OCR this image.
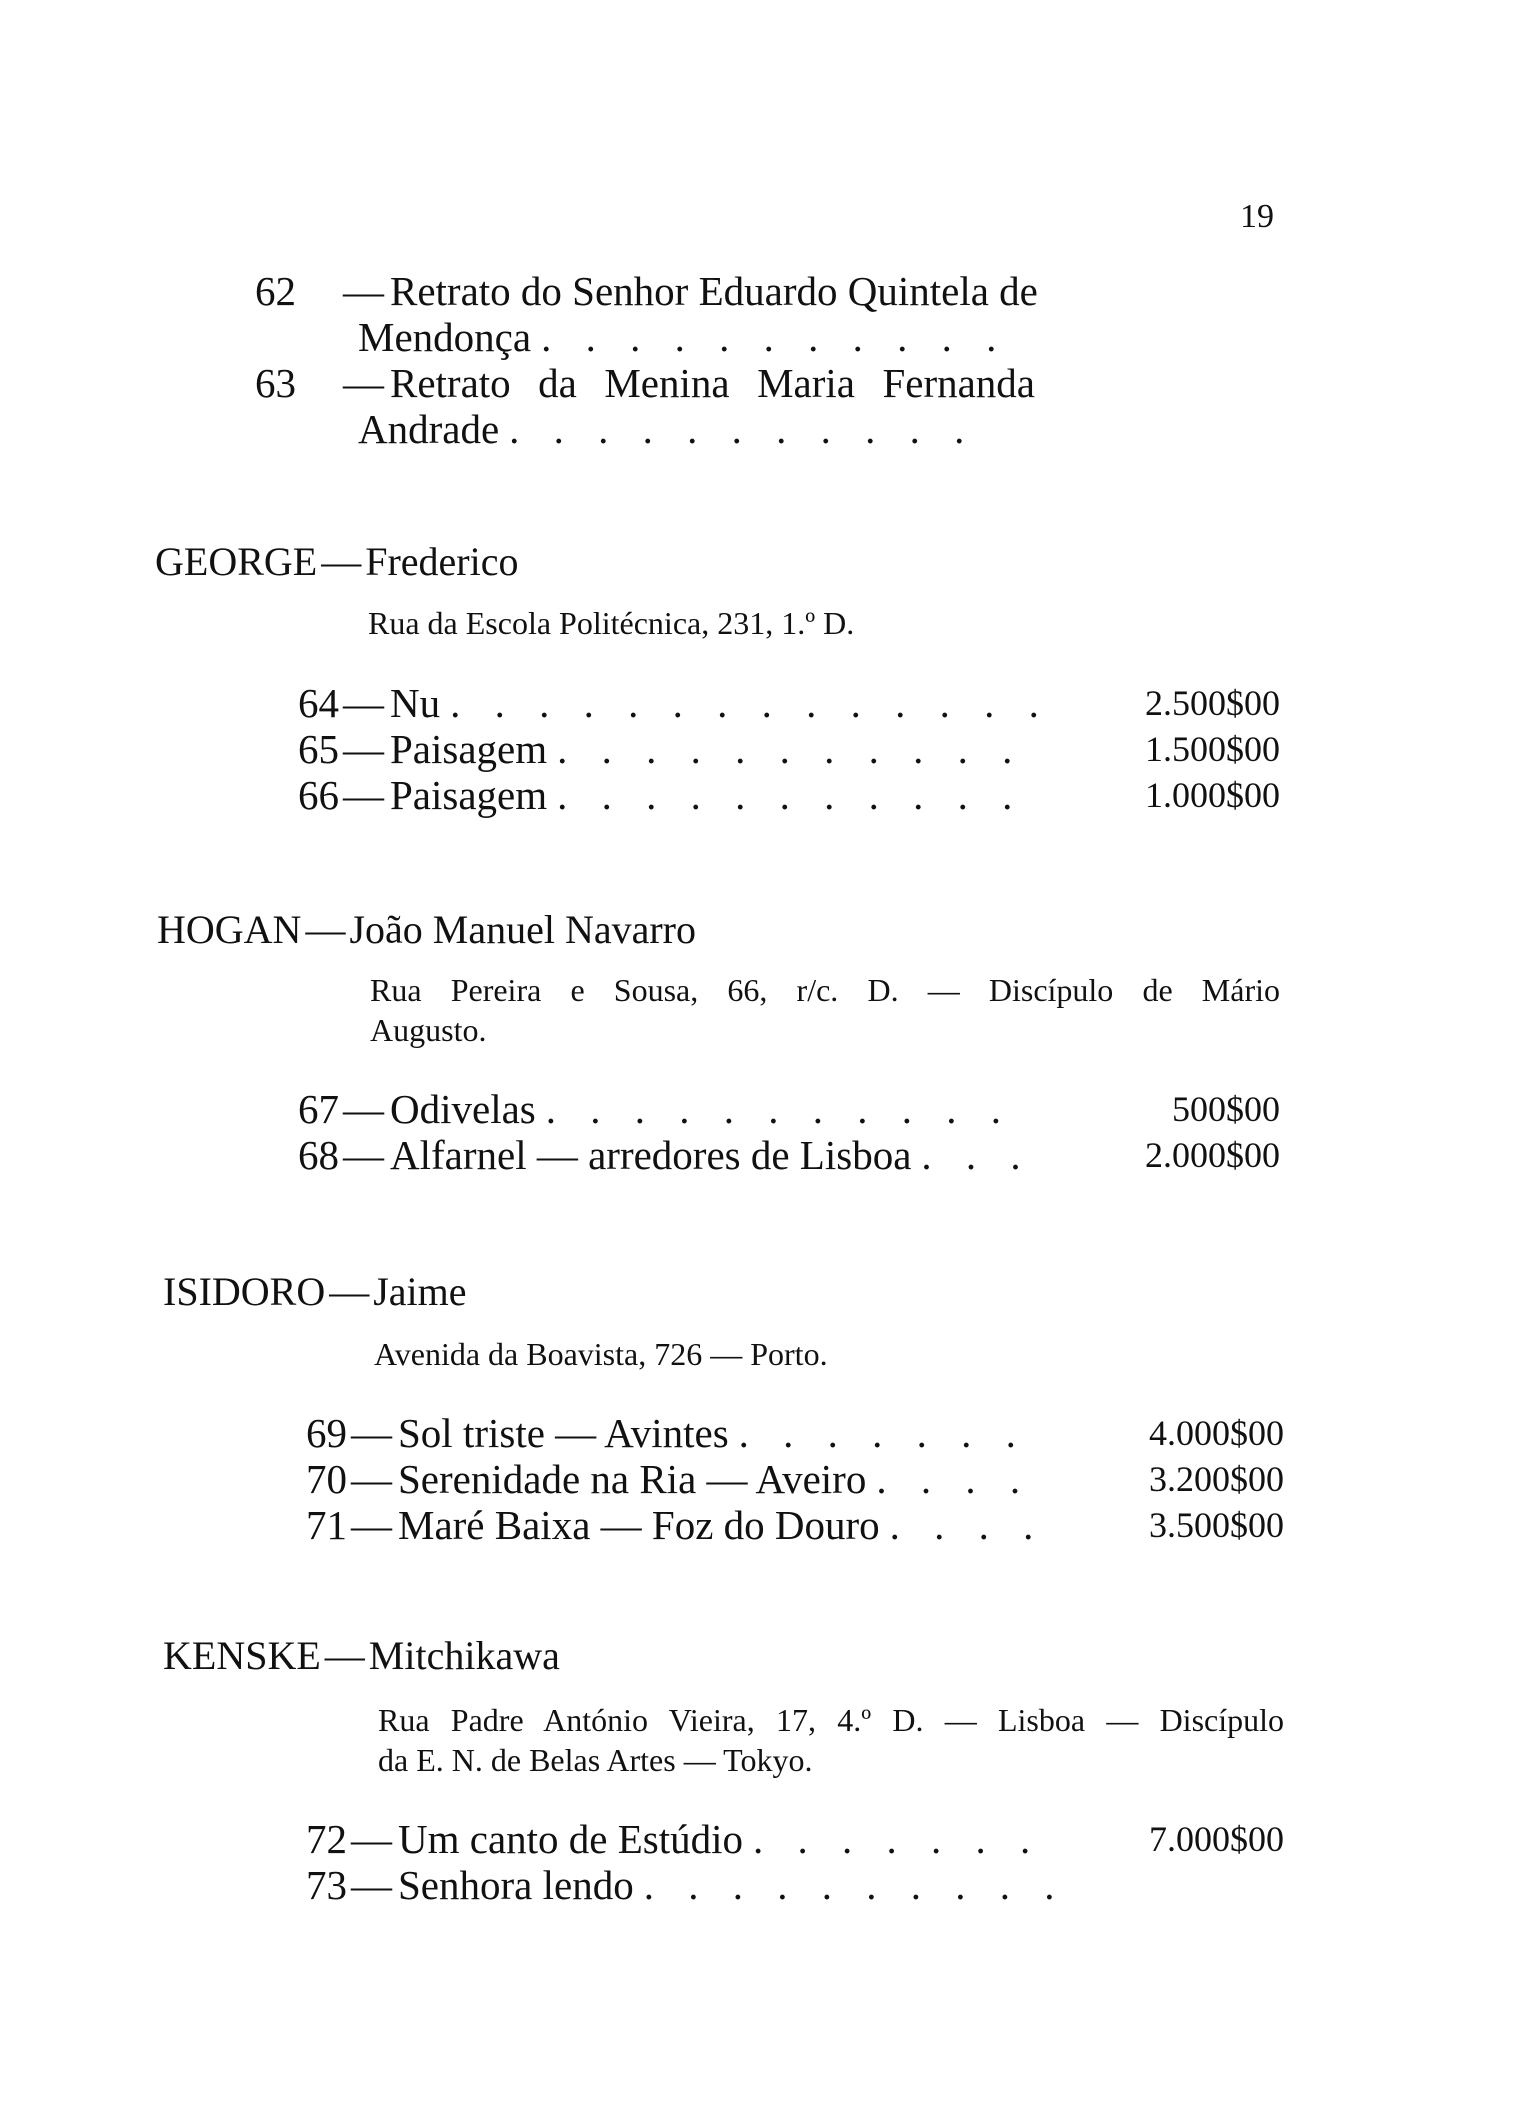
19
62 — Retrato do Senhor Eduardo Quintela de
Mendonça . . . . . . . . . . .
63 — Retrato da Menina Maria Fernanda
Andrade . . . . . . . . . . .
GEORGE — Frederico
Rua da Escola Politécnica, 231, 1.º D.
64— Nu . . . . . . . . . . . . . .	2.500$00
65— Paisagem . . . . . . . . . . .	1.500$00
66— Paisagem . . . . . . . . . . .	1.000$00
HOGAN — João Manuel Navarro
Rua Pereira e Sousa, 66, r/c. D. — Discípulo de Mário
Augusto.
67— Odivelas . . . . . . . . . . .	500$00
68— Alfarnel — arredores de Lisboa . . .	2.000$00
ISIDORO — Jaime
Avenida da Boavista, 726 — Porto.
69— Sol triste — Avintes . . . . . . .	4.000$00
70— Serenidade na Ria — Aveiro . . . .	3.200$00
71— Maré Baixa — Foz do Douro . . . .	3.500$00
KENSKE — Mitchikawa
Rua Padre António Vieira, 17, 4.º D. — Lisboa — Discípulo
da E. N. de Belas Artes — Tokyo.
72— Um canto de Estúdio . . . . . . .	7.000$00
73— Senhora lendo . . . . . . . . . .
